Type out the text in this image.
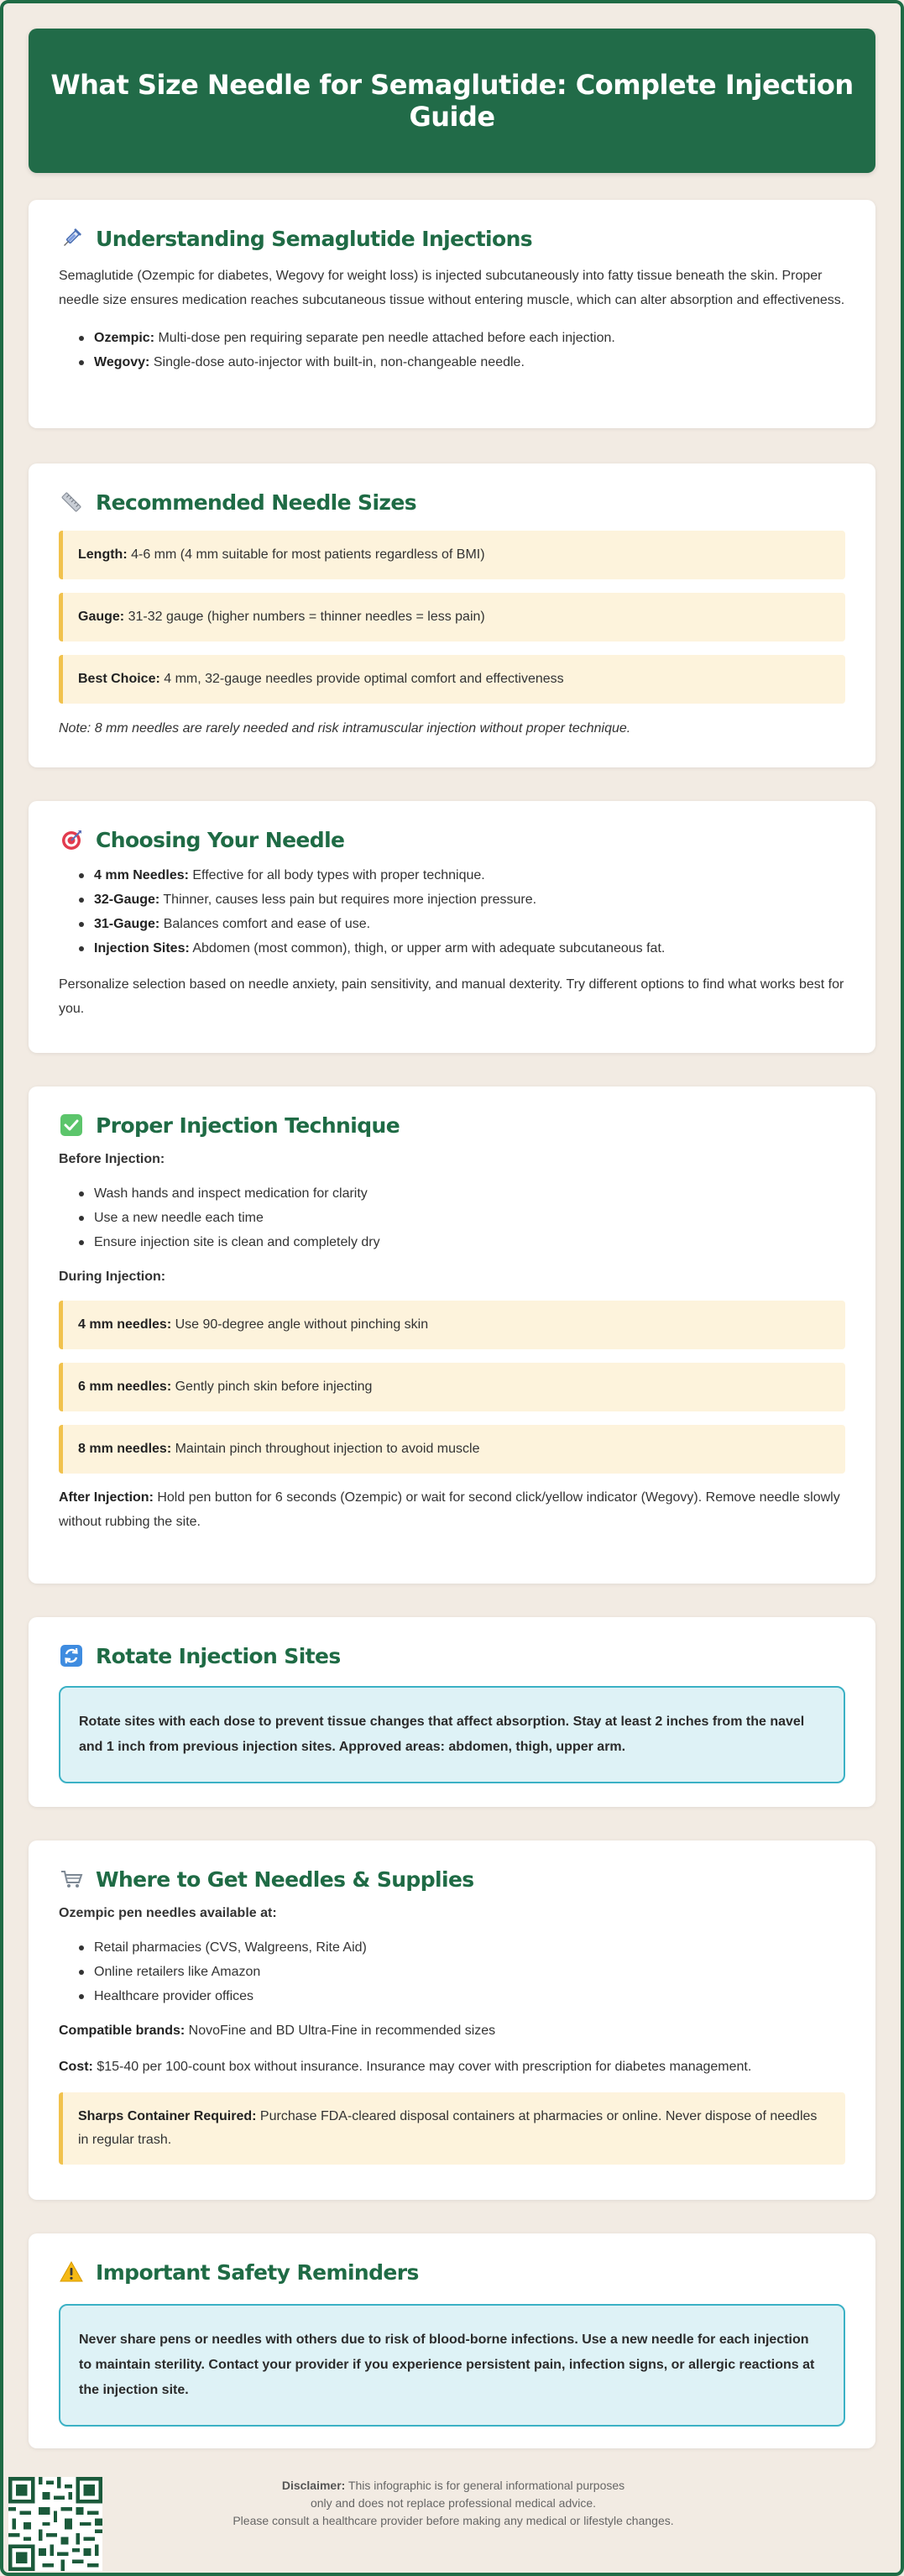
What Size Needle for Semaglutide: Complete Injection Guide
Understanding Semaglutide Injections

Semaglutide (Ozempic for diabetes, Wegovy for weight loss) is injected subcutaneously into fatty tissue beneath the skin. Proper needle size ensures medication reaches subcutaneous tissue without entering muscle, which can alter absorption and effectiveness.

Ozempic: Multi-dose pen requiring separate pen needle attached before each injection.
Wegovy: Single-dose auto-injector with built-in, non-changeable needle.
Recommended Needle Sizes
Length: 4-6 mm (4 mm suitable for most patients regardless of BMI)
Gauge: 31-32 gauge (higher numbers = thinner needles = less pain)
Best Choice: 4 mm, 32-gauge needles provide optimal comfort and effectiveness

Note: 8 mm needles are rarely needed and risk intramuscular injection without proper technique.

Choosing Your Needle
4 mm Needles: Effective for all body types with proper technique.
32-Gauge: Thinner, causes less pain but requires more injection pressure.
31-Gauge: Balances comfort and ease of use.
Injection Sites: Abdomen (most common), thigh, or upper arm with adequate subcutaneous fat.

Personalize selection based on needle anxiety, pain sensitivity, and manual dexterity. Try different options to find what works best for you.

Proper Injection Technique

Before Injection:

Wash hands and inspect medication for clarity
Use a new needle each time
Ensure injection site is clean and completely dry

During Injection:

4 mm needles: Use 90-degree angle without pinching skin
6 mm needles: Gently pinch skin before injecting
8 mm needles: Maintain pinch throughout injection to avoid muscle

After Injection: Hold pen button for 6 seconds (Ozempic) or wait for second click/yellow indicator (Wegovy). Remove needle slowly without rubbing the site.

Rotate Injection Sites
Rotate sites with each dose to prevent tissue changes that affect absorption. Stay at least 2 inches from the navel and 1 inch from previous injection sites. Approved areas: abdomen, thigh, upper arm.
Where to Get Needles & Supplies

Ozempic pen needles available at:

Retail pharmacies (CVS, Walgreens, Rite Aid)
Online retailers like Amazon
Healthcare provider offices

Compatible brands: NovoFine and BD Ultra-Fine in recommended sizes

Cost: $15-40 per 100-count box without insurance. Insurance may cover with prescription for diabetes management.

Sharps Container Required: Purchase FDA-cleared disposal containers at pharmacies or online. Never dispose of needles in regular trash.
Important Safety Reminders
Never share pens or needles with others due to risk of blood-borne infections. Use a new needle for each injection to maintain sterility. Contact your provider if you experience persistent pain, infection signs, or allergic reactions at the injection site.
Disclaimer: This infographic is for general informational purposes
only and does not replace professional medical advice.
Please consult a healthcare provider before making any medical or lifestyle changes.
